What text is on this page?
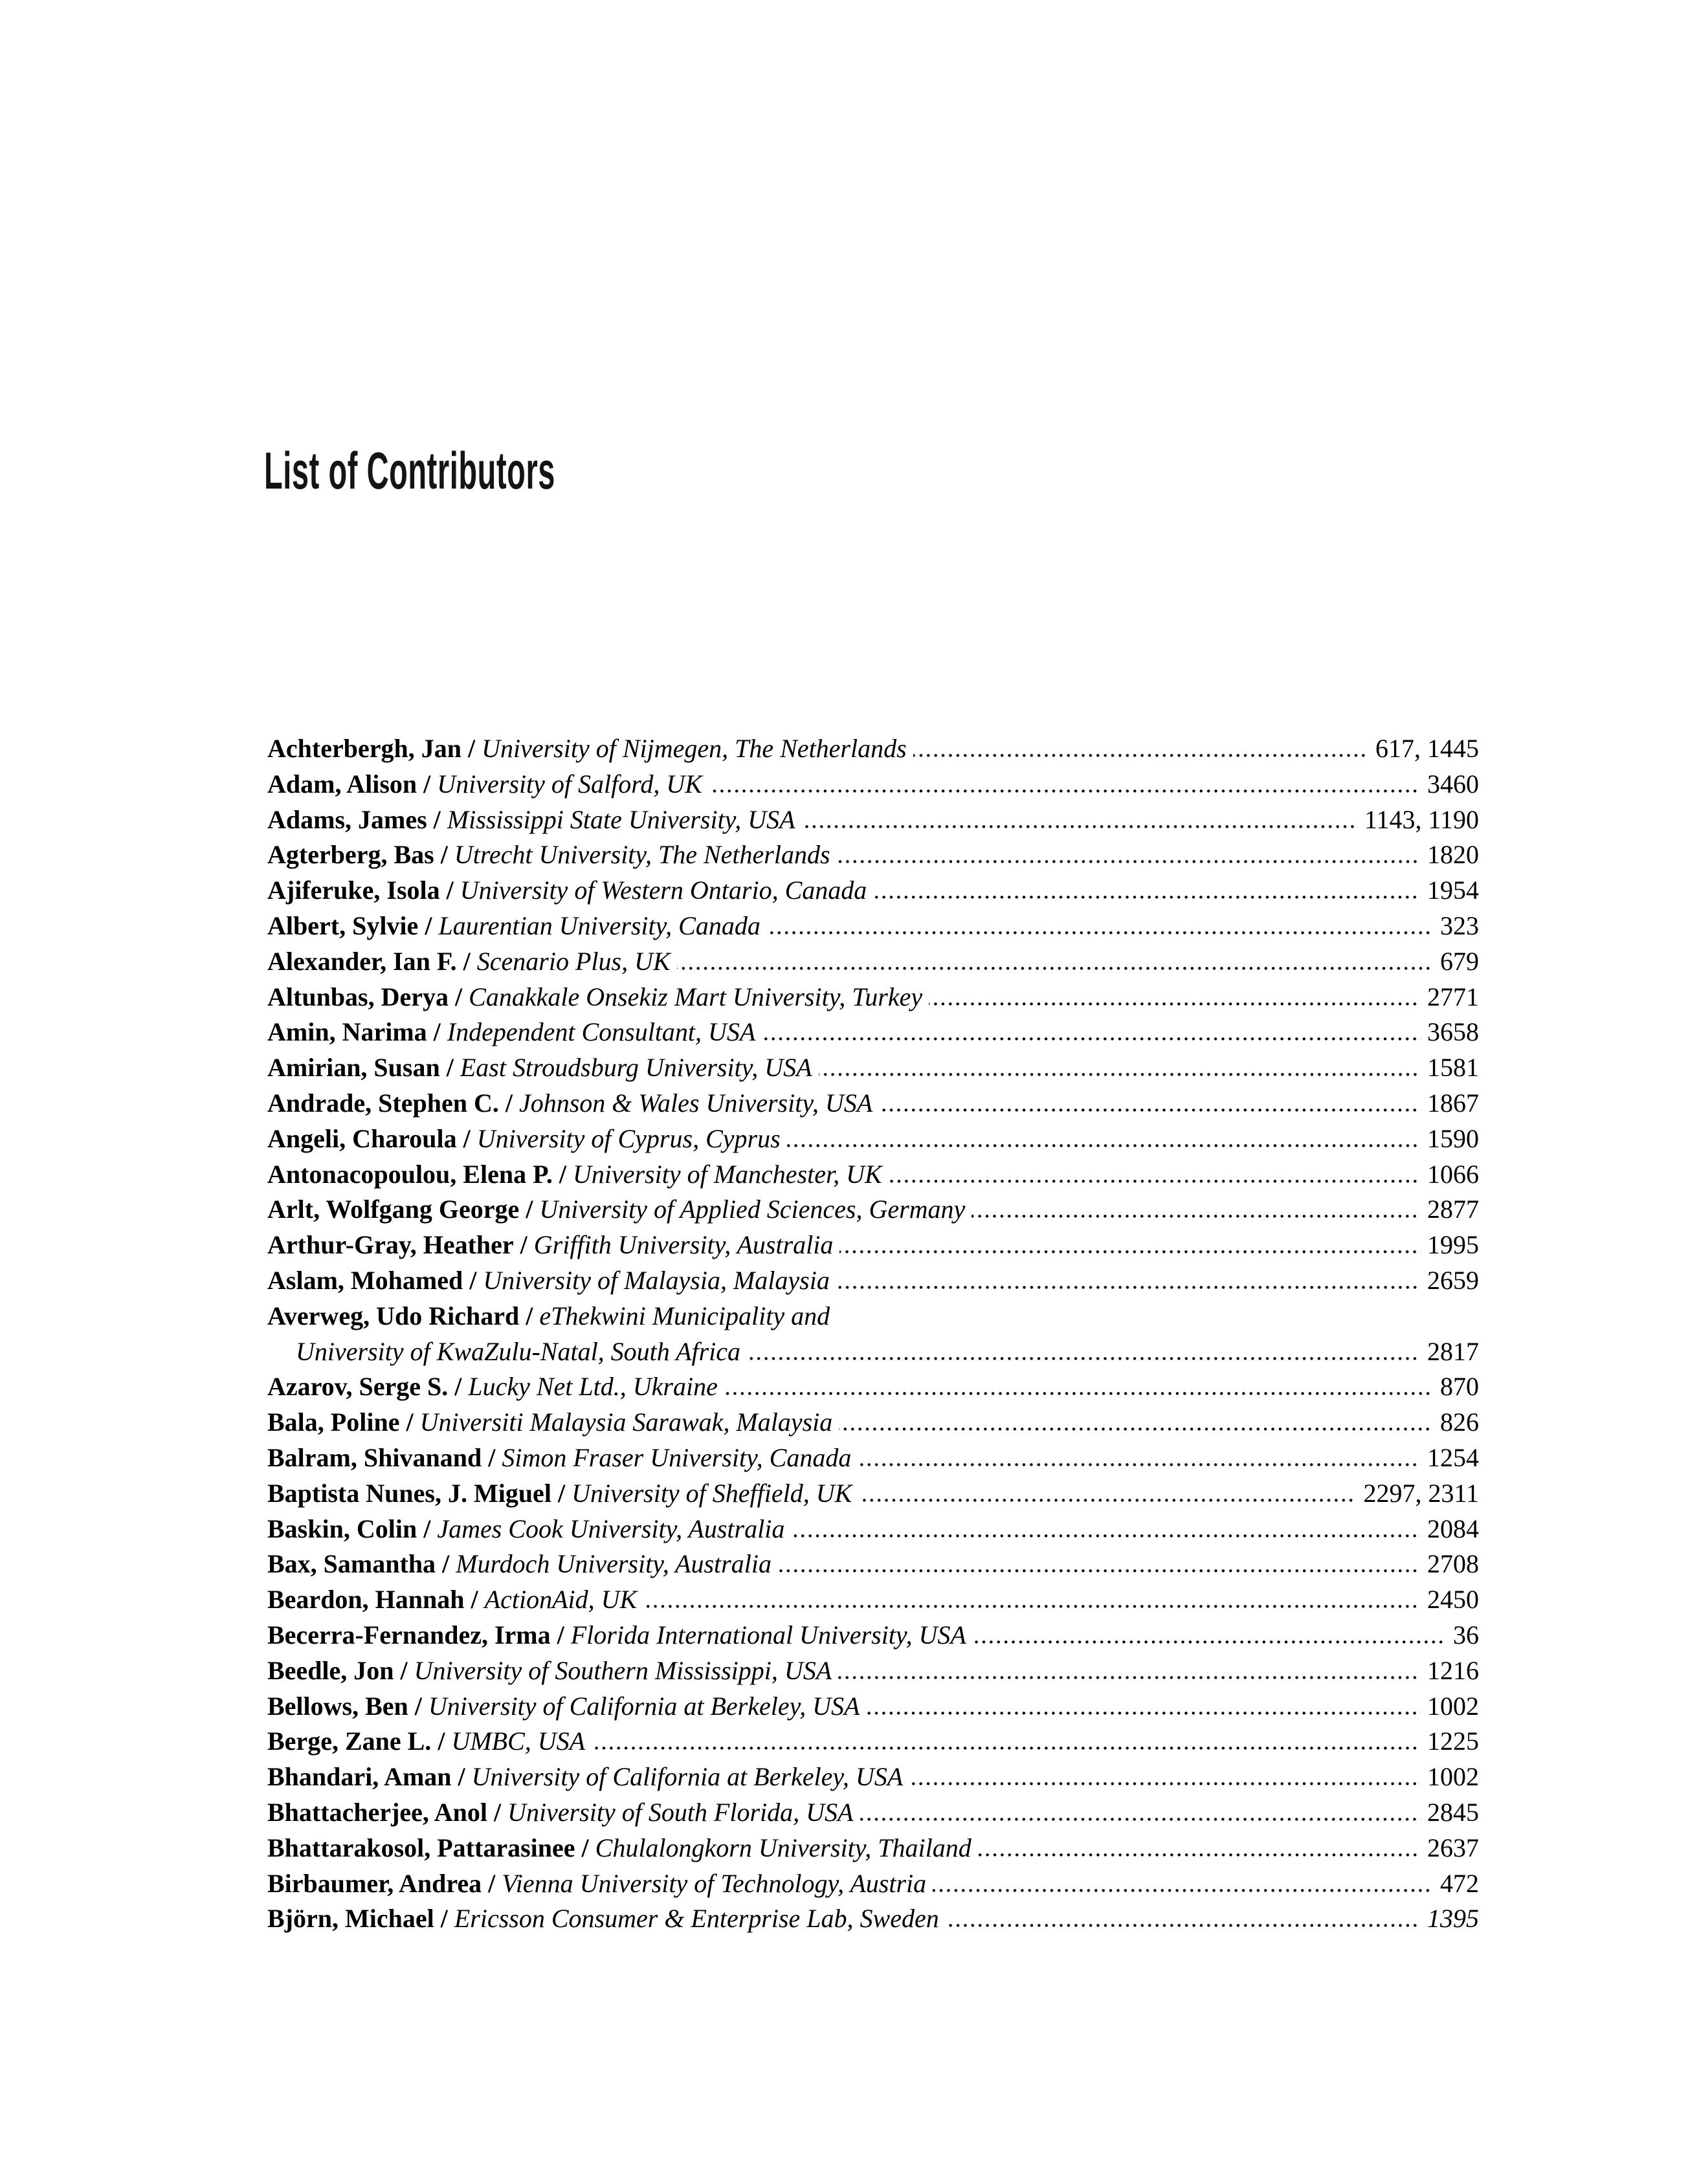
List of Contributors
Achterbergh, Jan / University of Nijmegen, The Netherlands	617, 1445
Adam, Alison / University of Salford, UK	3460
Adams, James / Mississippi State University, USA	1143, 1190
Agterberg, Bas / Utrecht University, The Netherlands	1820
Ajiferuke, Isola / University of Western Ontario, Canada	1954
Albert, Sylvie / Laurentian University, Canada	323
Alexander, Ian F. / Scenario Plus, UK	679
Altunbas, Derya / Canakkale Onsekiz Mart University, Turkey	2771
Amin, Narima / Independent Consultant, USA	3658
Amirian, Susan / East Stroudsburg University, USA	1581
Andrade, Stephen C. / Johnson & Wales University, USA	1867
Angeli, Charoula / University of Cyprus, Cyprus	1590
Antonacopoulou, Elena P. / University of Manchester, UK	1066
Arlt, Wolfgang George / University of Applied Sciences, Germany	2877
Arthur-Gray, Heather / Griffith University, Australia	1995
Aslam, Mohamed / University of Malaysia, Malaysia	2659
Averweg, Udo Richard / eThekwini Municipality and
University of KwaZulu-Natal, South Africa	2817
Azarov, Serge S. / Lucky Net Ltd., Ukraine	870
Bala, Poline / Universiti Malaysia Sarawak, Malaysia	826
Balram, Shivanand / Simon Fraser University, Canada	1254
Baptista Nunes, J. Miguel / University of Sheffield, UK	2297, 2311
Baskin, Colin / James Cook University, Australia	2084
Bax, Samantha / Murdoch University, Australia	2708
Beardon, Hannah / ActionAid, UK	2450
Becerra-Fernandez, Irma / Florida International University, USA	36
Beedle, Jon / University of Southern Mississippi, USA	1216
Bellows, Ben / University of California at Berkeley, USA	1002
Berge, Zane L. / UMBC, USA	1225
Bhandari, Aman / University of California at Berkeley, USA	1002
Bhattacherjee, Anol / University of South Florida, USA	2845
Bhattarakosol, Pattarasinee / Chulalongkorn University, Thailand	2637
Birbaumer, Andrea / Vienna University of Technology, Austria	472
Björn, Michael / Ericsson Consumer & Enterprise Lab, Sweden	1395
